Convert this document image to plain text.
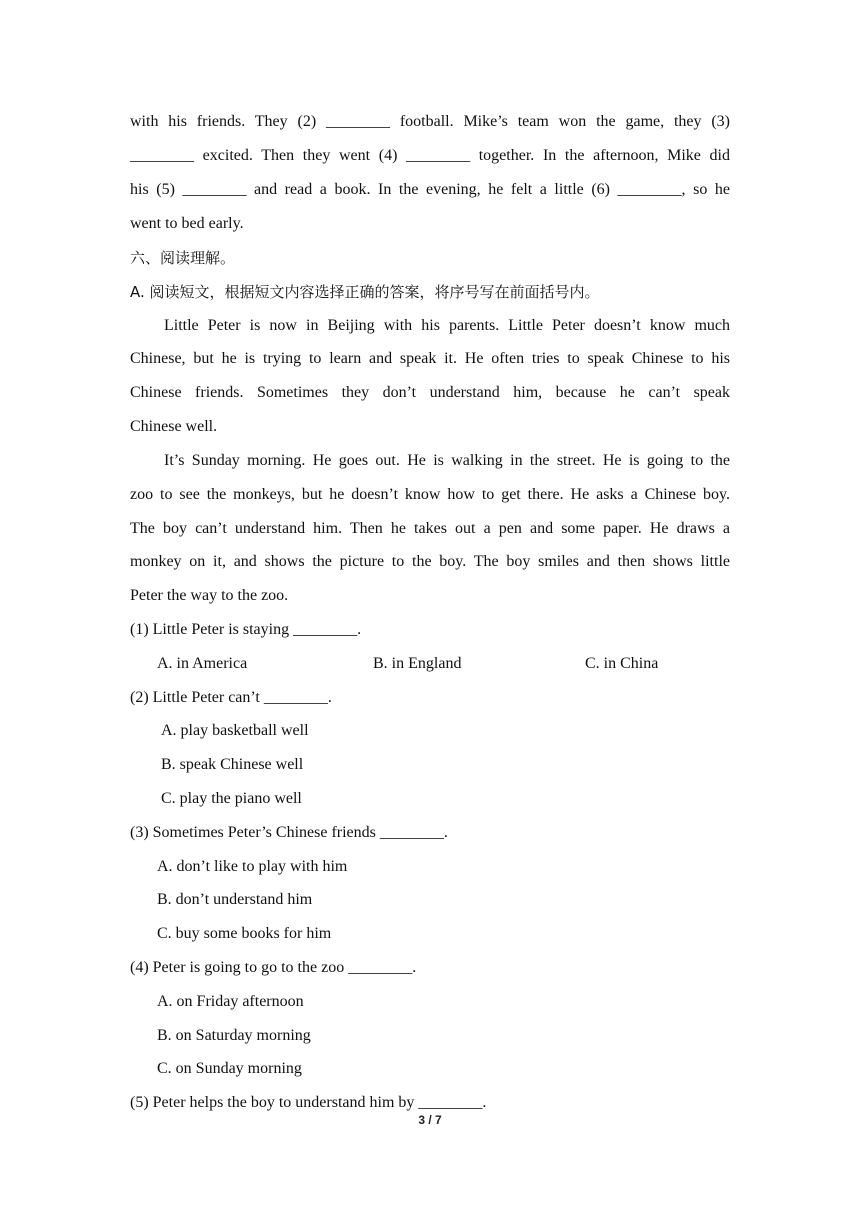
with his friends. They (2) ________ football. Mike’s team won the game, they (3)
________ excited. Then they went (4) ________ together. In the afternoon, Mike did
his (5) ________ and read a book. In the evening, he felt a little (6) ________, so he
went to bed early.
六、阅读理解。
A. 阅读短文，根据短文内容选择正确的答案，将序号写在前面括号内。
Little Peter is now in Beijing with his parents. Little Peter doesn’t know much
Chinese, but he is trying to learn and speak it. He often tries to speak Chinese to his
Chinese friends. Sometimes they don’t understand him, because he can’t speak
Chinese well.
It’s Sunday morning. He goes out. He is walking in the street. He is going to the
zoo to see the monkeys, but he doesn’t know how to get there. He asks a Chinese boy.
The boy can’t understand him. Then he takes out a pen and some paper. He draws a
monkey on it, and shows the picture to the boy. The boy smiles and then shows little
Peter the way to the zoo.
(1) Little Peter is staying ________.
A. in America	B. in England	C. in China
(2) Little Peter can’t ________.
A. play basketball well
B. speak Chinese well
C. play the piano well
(3) Sometimes Peter’s Chinese friends ________.
A. don’t like to play with him
B. don’t understand him
C. buy some books for him
(4) Peter is going to go to the zoo ________.
A. on Friday afternoon
B. on Saturday morning
C. on Sunday morning
(5) Peter helps the boy to understand him by ________.
3 / 7
